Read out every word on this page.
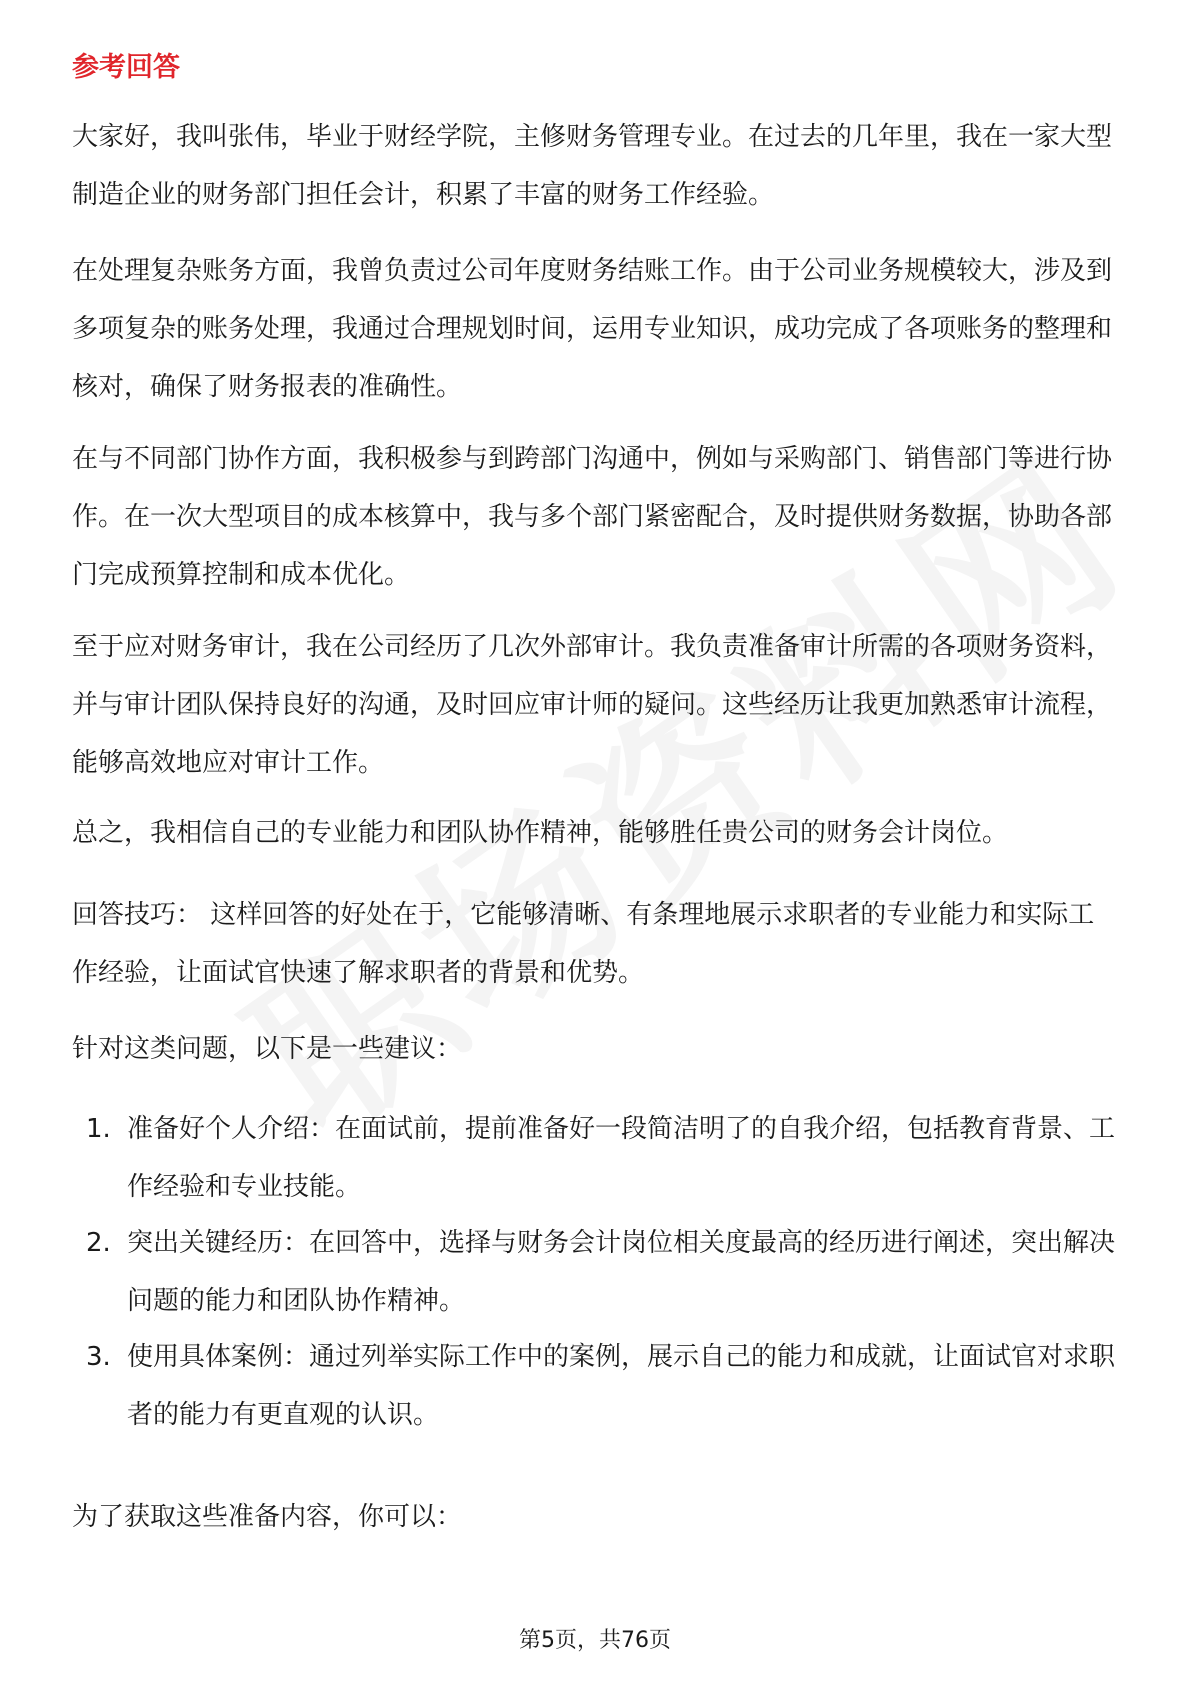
参考回答

大家好，我叫张伟，毕业于财经学院，主修财务管理专业。在过去的几年里，我在一家大型制造企业的财务部门担任会计，积累了丰富的财务工作经验。

在处理复杂账务方面，我曾负责过公司年度财务结账工作。由于公司业务规模较大，涉及到多项复杂的账务处理，我通过合理规划时间，运用专业知识，成功完成了各项账务的整理和核对，确保了财务报表的准确性。

在与不同部门协作方面，我积极参与到跨部门沟通中，例如与采购部门、销售部门等进行协作。在一次大型项目的成本核算中，我与多个部门紧密配合，及时提供财务数据，协助各部门完成预算控制和成本优化。

至于应对财务审计，我在公司经历了几次外部审计。我负责准备审计所需的各项财务资料，并与审计团队保持良好的沟通，及时回应审计师的疑问。这些经历让我更加熟悉审计流程，能够高效地应对审计工作。

总之，我相信自己的专业能力和团队协作精神，能够胜任贵公司的财务会计岗位。

回答技巧： 这样回答的好处在于，它能够清晰、有条理地展示求职者的专业能力和实际工作经验，让面试官快速了解求职者的背景和优势。

针对这类问题，以下是一些建议：

1. 准备好个人介绍：在面试前，提前准备好一段简洁明了的自我介绍，包括教育背景、工作经验和专业技能。
2. 突出关键经历：在回答中，选择与财务会计岗位相关度最高的经历进行阐述，突出解决问题的能力和团队协作精神。
3. 使用具体案例：通过列举实际工作中的案例，展示自己的能力和成就，让面试官对求职者的能力有更直观的认识。

为了获取这些准备内容，你可以：

第5页，共76页
